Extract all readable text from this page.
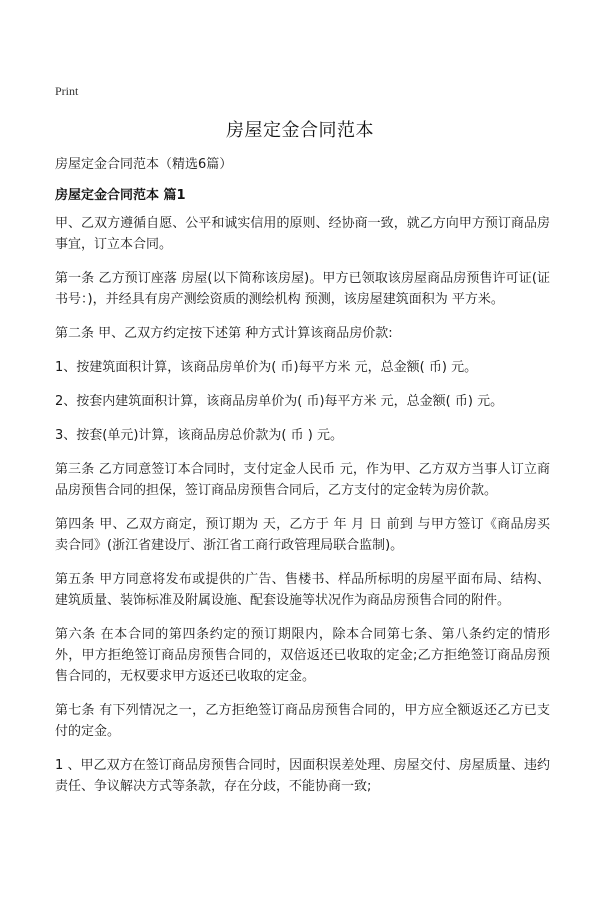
Print
房屋定金合同范本
房屋定金合同范本（精选6篇）
房屋定金合同范本 篇1

甲、乙双方遵循自愿、公平和诚实信用的原则、经协商一致，就乙方向甲方预订商品房事宜，订立本合同。

第一条 乙方预订座落 房屋(以下简称该房屋)。甲方已领取该房屋商品房预售许可证(证书号：)，并经具有房产测绘资质的测绘机构 预测，该房屋建筑面积为 平方米。

第二条 甲、乙双方约定按下述第 种方式计算该商品房价款:

1、按建筑面积计算，该商品房单价为( 币)每平方米 元，总金额( 币) 元。

2、按套内建筑面积计算，该商品房单价为( 币)每平方米 元，总金额( 币) 元。

3、按套(单元)计算，该商品房总价款为( 币 ) 元。

第三条 乙方同意签订本合同时，支付定金人民币 元，作为甲、乙方双方当事人订立商品房预售合同的担保，签订商品房预售合同后，乙方支付的定金转为房价款。

第四条 甲、乙双方商定，预订期为 天，乙方于 年 月 日 前到 与甲方签订《商品房买卖合同》(浙江省建设厅、浙江省工商行政管理局联合监制)。

第五条 甲方同意将发布或提供的广告、售楼书、样品所标明的房屋平面布局、结构、建筑质量、装饰标准及附属设施、配套设施等状况作为商品房预售合同的附件。

第六条 在本合同的第四条约定的预订期限内，除本合同第七条、第八条约定的情形外，甲方拒绝签订商品房预售合同的，双倍返还已收取的定金;乙方拒绝签订商品房预售合同的，无权要求甲方返还已收取的定金。

第七条 有下列情况之一，乙方拒绝签订商品房预售合同的，甲方应全额返还乙方已支付的定金。

1 、甲乙双方在签订商品房预售合同时，因面积误差处理、房屋交付、房屋质量、违约责任、争议解决方式等条款，存在分歧，不能协商一致;
